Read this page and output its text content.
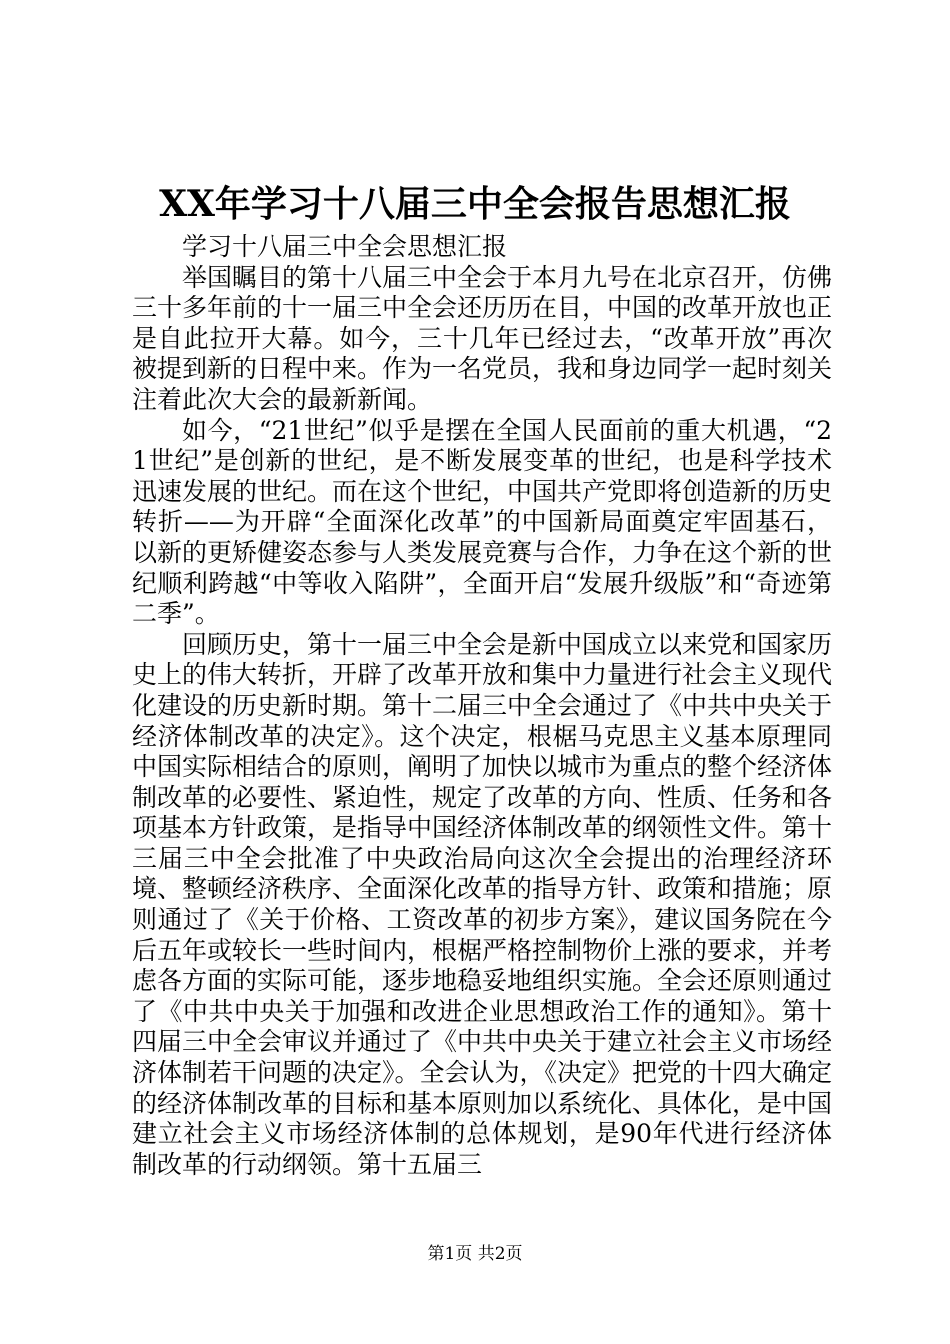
XX年学习十八届三中全会报告思想汇报

学习十八届三中全会思想汇报

举国瞩目的第十八届三中全会于本月九号在北京召开，仿佛三十多年前的十一届三中全会还历历在目，中国的改革开放也正是自此拉开大幕。如今，三十几年已经过去，“改革开放”再次被提到新的日程中来。作为一名党员，我和身边同学一起时刻关注着此次大会的最新新闻。

如今，“21世纪”似乎是摆在全国人民面前的重大机遇，“21世纪”是创新的世纪，是不断发展变革的世纪，也是科学技术迅速发展的世纪。而在这个世纪，中国共产党即将创造新的历史转折——为开辟“全面深化改革”的中国新局面奠定牢固基石，以新的更矫健姿态参与人类发展竞赛与合作，力争在这个新的世纪顺利跨越“中等收入陷阱”，全面开启“发展升级版”和“奇迹第二季”。

回顾历史，第十一届三中全会是新中国成立以来党和国家历史上的伟大转折，开辟了改革开放和集中力量进行社会主义现代化建设的历史新时期。第十二届三中全会通过了《中共中央关于经济体制改革的决定》。这个决定，根椐马克思主义基本原理同中国实际相结合的原则，阐明了加快以城市为重点的整个经济体制改革的必要性、紧迫性，规定了改革的方向、性质、任务和各项基本方针政策，是指导中国经济体制改革的纲领性文件。第十三届三中全会批准了中央政治局向这次全会提出的治理经济环境、整顿经济秩序、全面深化改革的指导方针、政策和措施；原则通过了《关于价格、工资改革的初步方案》，建议国务院在今后五年或较长一些时间内，根椐严格控制物价上涨的要求，并考虑各方面的实际可能，逐步地稳妥地组织实施。全会还原则通过了《中共中央关于加强和改进企业思想政治工作的通知》。第十四届三中全会审议并通过了《中共中央关于建立社会主义市场经济体制若干问题的决定》。全会认为，《决定》把党的十四大确定的经济体制改革的目标和基本原则加以系统化、具体化，是中国建立社会主义市场经济体制的总体规划，是90年代进行经济体制改革的行动纲领。第十五届三

第1页 共2页
